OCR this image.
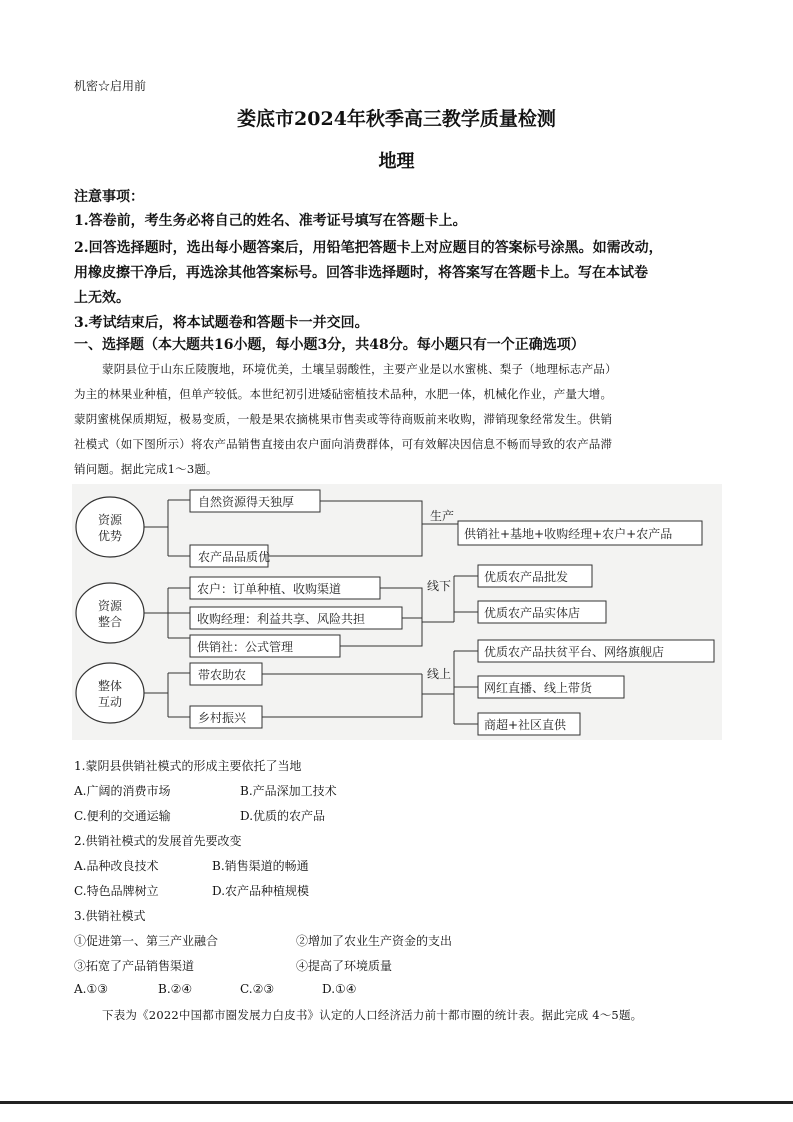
机密☆启用前
娄底市2024年秋季高三教学质量检测
地理
注意事项：
1.答卷前，考生务必将自己的姓名、准考证号填写在答题卡上。
2.回答选择题时，选出每小题答案后，用铅笔把答题卡上对应题目的答案标号涂黑。如需改动，
用橡皮擦干净后，再选涂其他答案标号。回答非选择题时，将答案写在答题卡上。写在本试卷
上无效。
3.考试结束后，将本试题卷和答题卡一并交回。
一、选择题（本大题共16小题，每小题3分，共48分。每小题只有一个正确选项）
蒙阴县位于山东丘陵腹地，环境优美，土壤呈弱酸性，主要产业是以水蜜桃、梨子（地理标志产品）
为主的林果业种植，但单产较低。本世纪初引进矮砧密植技术品种，水肥一体，机械化作业，产量大增。
蒙阴蜜桃保质期短，极易变质，一般是果农摘桃果市售卖或等待商贩前来收购，滞销现象经常发生。供销
社模式（如下图所示）将农产品销售直接由农户面向消费群体，可有效解决因信息不畅而导致的农产品滞
销问题。据此完成1～3题。
资源
优势
资源
整合
整体
互动
自然资源得天独厚
农产品品质优
农户：订单种植、收购渠道
收购经理：利益共享、风险共担
供销社：公式管理
带农助农
乡村振兴
生产
线下
线上
供销社+基地+收购经理+农户+农产品
优质农产品批发
优质农产品实体店
优质农产品扶贫平台、网络旗舰店
网红直播、线上带货
商超+社区直供
1.蒙阴县供销社模式的形成主要依托了当地
A.广阔的消费市场	B.产品深加工技术
C.便利的交通运输	D.优质的农产品
2.供销社模式的发展首先要改变
A.品种改良技术	B.销售渠道的畅通
C.特色品牌树立	D.农产品种植规模
3.供销社模式
①促进第一、第三产业融合	②增加了农业生产资金的支出
③拓宽了产品销售渠道	④提高了环境质量
A.①③	B.②④	C.②③	D.①④
下表为《2022中国都市圈发展力白皮书》认定的人口经济活力前十都市圈的统计表。据此完成 4～5题。
